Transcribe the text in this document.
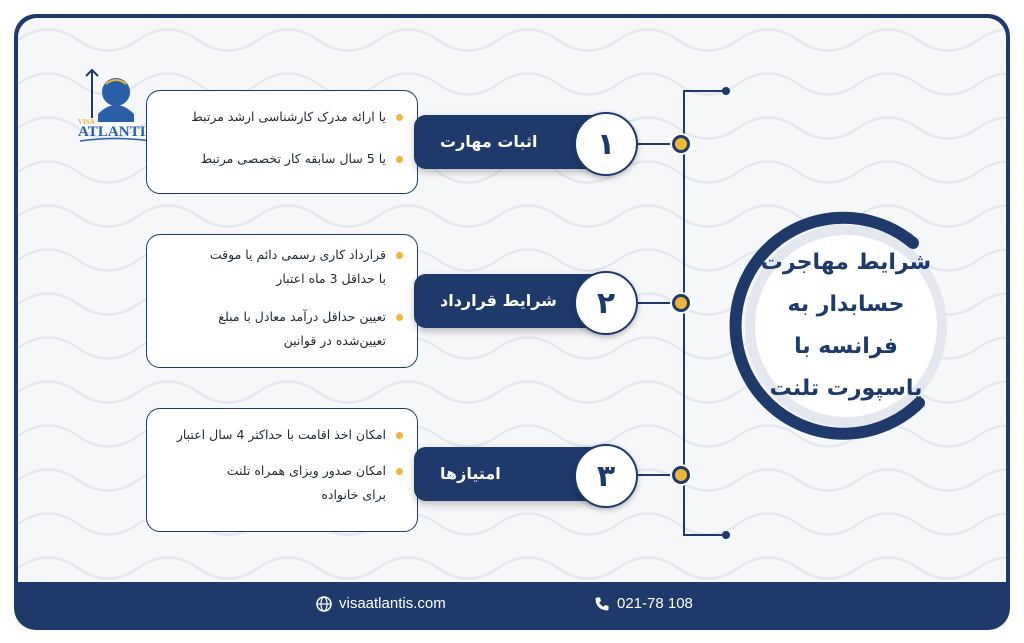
VISA
ATLANTI
یا ارائه مدرک کارشناسی ارشد مرتبط
یا 5 سال سابقه کار تخصصی مرتبط
اثبات مهارت	۱
قرارداد کاری رسمی دائم یا موقت
با حداقل 3 ماه اعتبار
تعیین حداقل درآمد معادل با مبلغ
تعیین‌شده در قوانین
شرایط قرارداد	۲
امکان اخذ اقامت با حداکثر 4 سال اعتبار
امکان صدور ویزای همراه تلنت
برای خانواده
امتیازها	۳
شرایط مهاجرت
حسابدار به
فرانسه با
پاسپورت تلنت
visaatlantis.com	021-78 108
